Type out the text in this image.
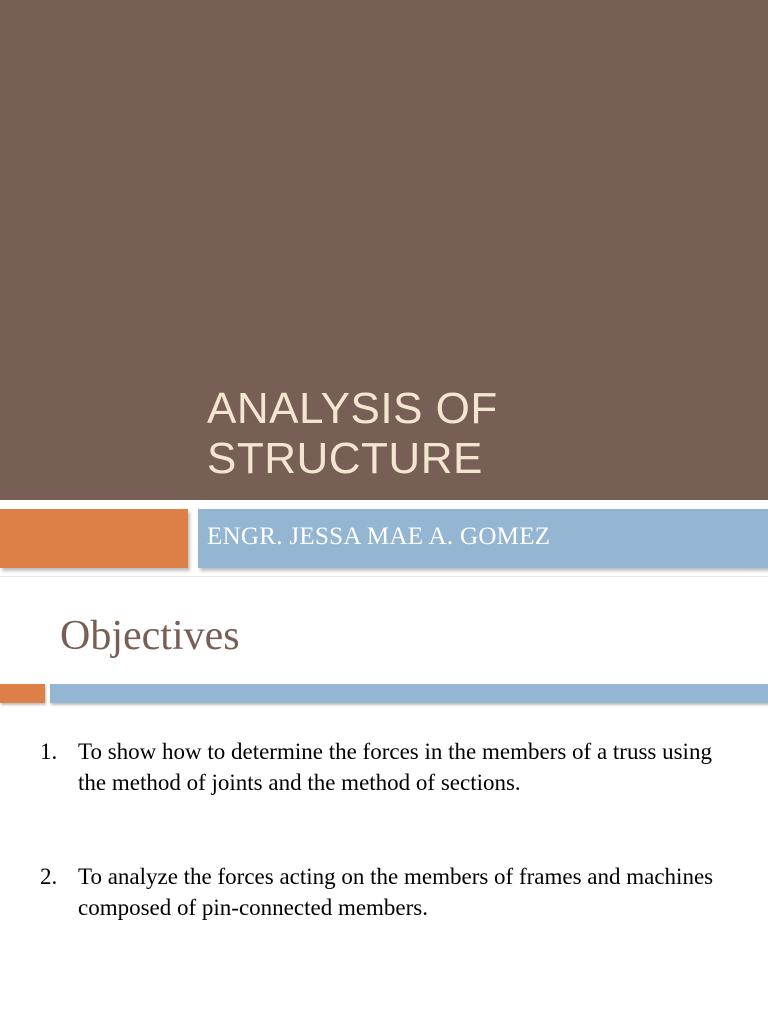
ANALYSIS OF
STRUCTURE
ENGR. JESSA MAE A. GOMEZ
Objectives
1. To show how to determine the forces in the members of a truss using the method of joints and the method of sections.
2. To analyze the forces acting on the members of frames and machines composed of pin-connected members.
